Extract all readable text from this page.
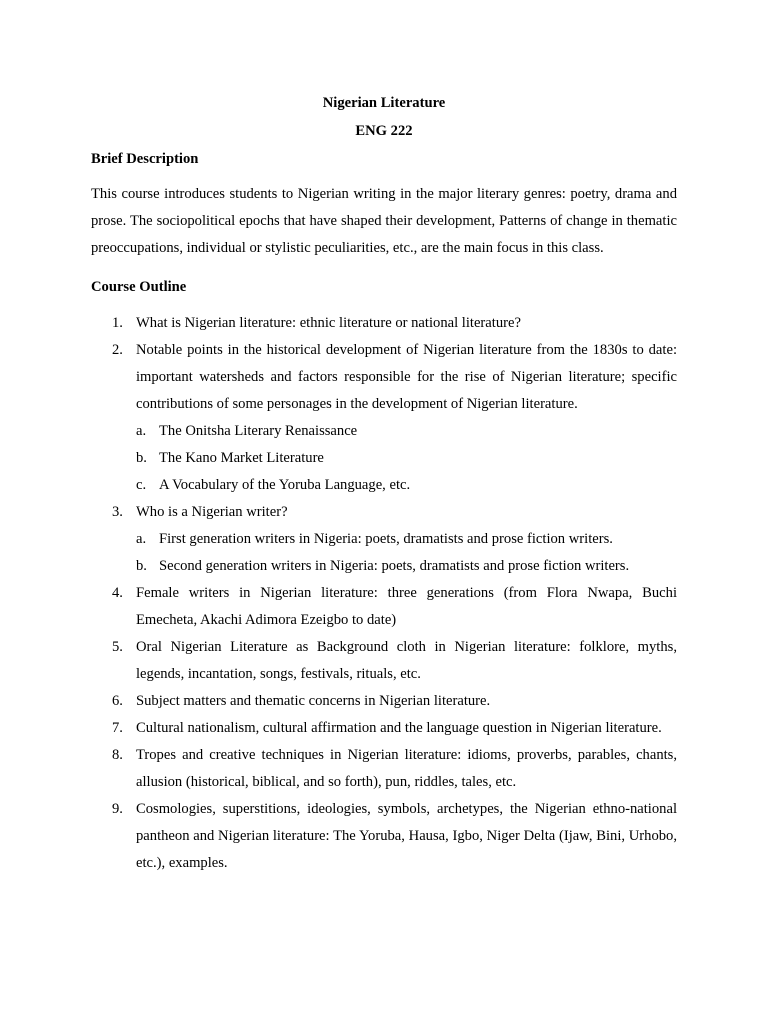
Nigerian Literature
ENG 222
Brief Description

This course introduces students to Nigerian writing in the major literary genres: poetry, drama and prose. The sociopolitical epochs that have shaped their development, Patterns of change in thematic preoccupations, individual or stylistic peculiarities, etc., are the main focus in this class.

Course Outline
1. What is Nigerian literature: ethnic literature or national literature?
2. Notable points in the historical development of Nigerian literature from the 1830s to date: important watersheds and factors responsible for the rise of Nigerian literature; specific contributions of some personages in the development of Nigerian literature.
a. The Onitsha Literary Renaissance
b. The Kano Market Literature
c. A Vocabulary of the Yoruba Language, etc.
3. Who is a Nigerian writer?
a. First generation writers in Nigeria: poets, dramatists and prose fiction writers.
b. Second generation writers in Nigeria: poets, dramatists and prose fiction writers.
4. Female writers in Nigerian literature: three generations (from Flora Nwapa, Buchi Emecheta, Akachi Adimora Ezeigbo to date)
5. Oral Nigerian Literature as Background cloth in Nigerian literature: folklore, myths, legends, incantation, songs, festivals, rituals, etc.
6. Subject matters and thematic concerns in Nigerian literature.
7. Cultural nationalism, cultural affirmation and the language question in Nigerian literature.
8. Tropes and creative techniques in Nigerian literature: idioms, proverbs, parables, chants, allusion (historical, biblical, and so forth), pun, riddles, tales, etc.
9. Cosmologies, superstitions, ideologies, symbols, archetypes, the Nigerian ethno-national pantheon and Nigerian literature: The Yoruba, Hausa, Igbo, Niger Delta (Ijaw, Bini, Urhobo, etc.), examples.
